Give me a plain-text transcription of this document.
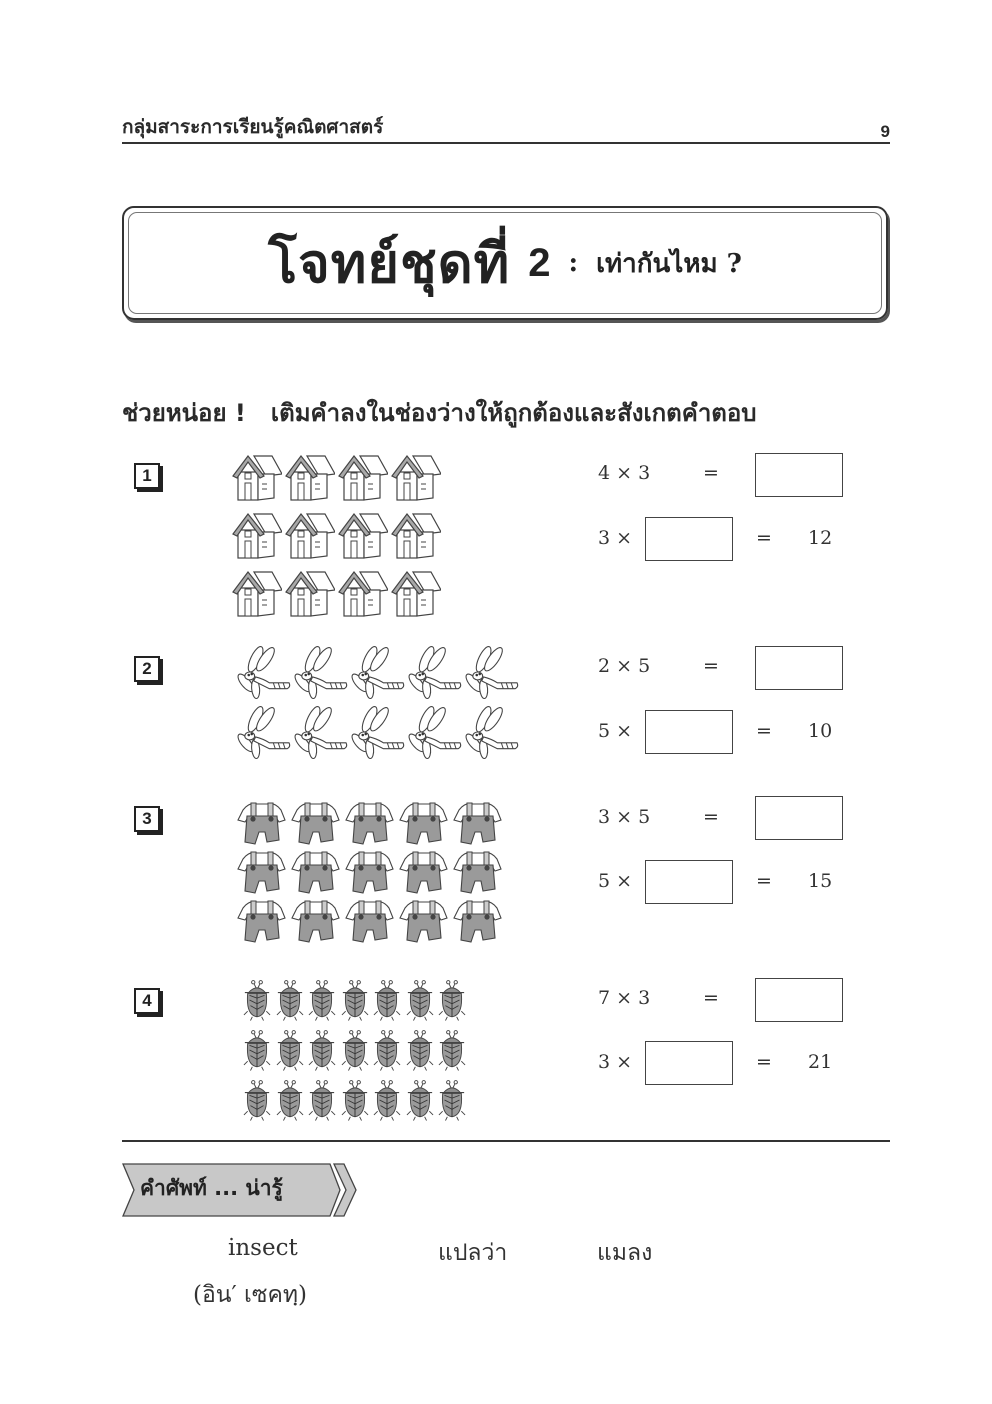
กลุ่มสาระการเรียนรู้คณิตศาสตร์	9
โจทย์ชุดที่ 2 : เท่ากันไหม ?
ช่วยหน่อย !   เติมคำลงในช่องว่างให้ถูกต้องและสังเกตคำตอบ
1	4 × 3	=
3 ×	= 12
2	2 × 5	=
5 ×	= 10
3	3 × 5	=
5 ×	= 15
4	7 × 3	=
3 ×	= 21
คำศัพท์ ... น่ารู้
insect	แปลว่า	แมลง
(อิน′ เซคทฺ)
